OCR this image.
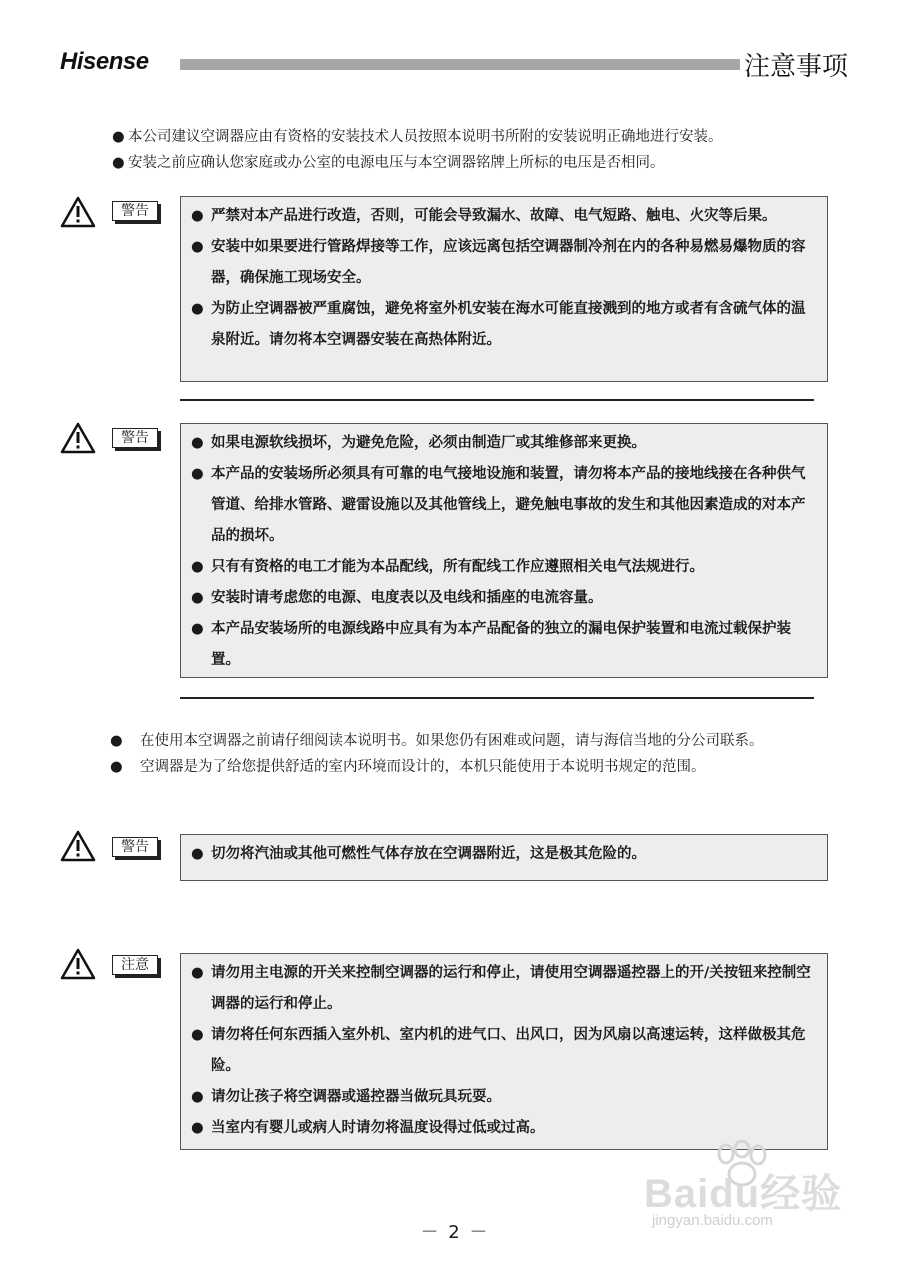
Hisense	注意事项

● 本公司建议空调器应由有资格的安装技术人员按照本说明书所附的安装说明正确地进行安装。

● 安装之前应确认您家庭或办公室的电源电压与本空调器铭牌上所标的电压是否相同。

警告	● 严禁对本产品进行改造，否则，可能会导致漏水、故障、电气短路、触电、火灾等后果。
● 安装中如果要进行管路焊接等工作，应该远离包括空调器制冷剂在内的各种易燃易爆物质的容器，确保施工现场安全。
● 为防止空调器被严重腐蚀，避免将室外机安装在海水可能直接溅到的地方或者有含硫气体的温泉附近。请勿将本空调器安装在高热体附近。
警告	● 如果电源软线损坏，为避免危险，必须由制造厂或其维修部来更换。
● 本产品的安装场所必须具有可靠的电气接地设施和装置，请勿将本产品的接地线接在各种供气管道、给排水管路、避雷设施以及其他管线上，避免触电事故的发生和其他因素造成的对本产品的损坏。
● 只有有资格的电工才能为本品配线，所有配线工作应遵照相关电气法规进行。
● 安装时请考虑您的电源、电度表以及电线和插座的电流容量。
● 本产品安装场所的电源线路中应具有为本产品配备的独立的漏电保护装置和电流过载保护装置。

● 在使用本空调器之前请仔细阅读本说明书。如果您仍有困难或问题，请与海信当地的分公司联系。

● 空调器是为了给您提供舒适的室内环境而设计的，本机只能使用于本说明书规定的范围。

警告	● 切勿将汽油或其他可燃性气体存放在空调器附近，这是极其危险的。
注意	● 请勿用主电源的开关来控制空调器的运行和停止，请使用空调器遥控器上的开/关按钮来控制空调器的运行和停止。
● 请勿将任何东西插入室外机、室内机的进气口、出风口，因为风扇以高速运转，这样做极其危险。
● 请勿让孩子将空调器或遥控器当做玩具玩耍。
● 当室内有婴儿或病人时请勿将温度设得过低或过高。
Baidu经验
jingyan.baidu.com
－ 2 －
